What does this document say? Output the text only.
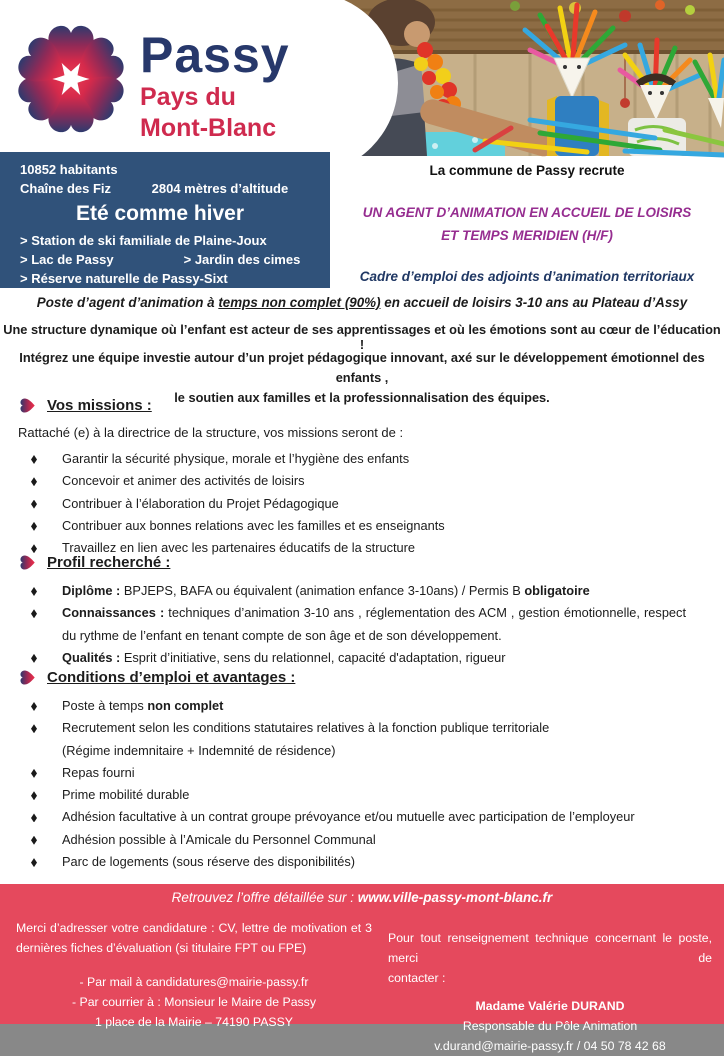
Passy
Pays du
Mont-Blanc
10852 habitants
Chaîne des Fiz	2804 mètres d’altitude
Eté comme hiver
> Station de ski familiale de Plaine-Joux
> Lac de Passy	> Jardin des cimes
> Réserve naturelle de Passy-Sixt
La commune de Passy recrute
UN AGENT D’ANIMATION EN ACCUEIL DE LOISIRS
ET TEMPS MERIDIEN (H/F)
Cadre d’emploi des adjoints d’animation territoriaux
Poste d’agent d’animation à temps non complet (90%) en accueil de loisirs 3-10 ans au Plateau d’Assy
Une structure dynamique où l’enfant est acteur de ses apprentissages et où les émotions sont au cœur de l’éducation !
Intégrez une équipe investie autour d’un projet pédagogique innovant, axé sur le développement émotionnel des enfants ,
le soutien aux familles et la professionnalisation des équipes.
Vos missions :
Rattaché (e) à la directrice de la structure, vos missions seront de :
Garantir la sécurité physique, morale et l’hygiène des enfants
Concevoir et animer des activités de loisirs
Contribuer à l’élaboration du Projet Pédagogique
Contribuer aux bonnes relations avec les familles et es enseignants
Travaillez en lien avec les partenaires éducatifs de la structure
Profil recherché :
Diplôme : BPJEPS, BAFA ou équivalent (animation enfance 3-10ans) / Permis B obligatoire
Connaissances : techniques d’animation 3-10 ans , réglementation des ACM , gestion émotionnelle, respect du rythme de l’enfant en tenant compte de son âge et de son développement.
Qualités : Esprit d’initiative, sens du relationnel, capacité d'adaptation, rigueur
Conditions d’emploi et avantages :
Poste à temps non complet
Recrutement selon les conditions statutaires relatives à la fonction publique territoriale
(Régime indemnitaire + Indemnité de résidence)
Repas fourni
Prime mobilité durable
Adhésion facultative à un contrat groupe prévoyance et/ou mutuelle avec participation de l’employeur
Adhésion possible à l’Amicale du Personnel Communal
Parc de logements (sous réserve des disponibilités)
Retrouvez l’offre détaillée sur : www.ville-passy-mont-blanc.fr
Merci d’adresser votre candidature : CV, lettre de motivation et 3
dernières fiches d’évaluation (si titulaire FPT ou FPE)
- Par mail à candidatures@mairie-passy.fr
- Par courrier à : Monsieur le Maire de Passy
1 place de la Mairie – 74190 PASSY
Pour tout renseignement technique concernant le poste, merci de
contacter :
Madame Valérie DURAND
Responsable du Pôle Animation
v.durand@mairie-passy.fr / 04 50 78 42 68
